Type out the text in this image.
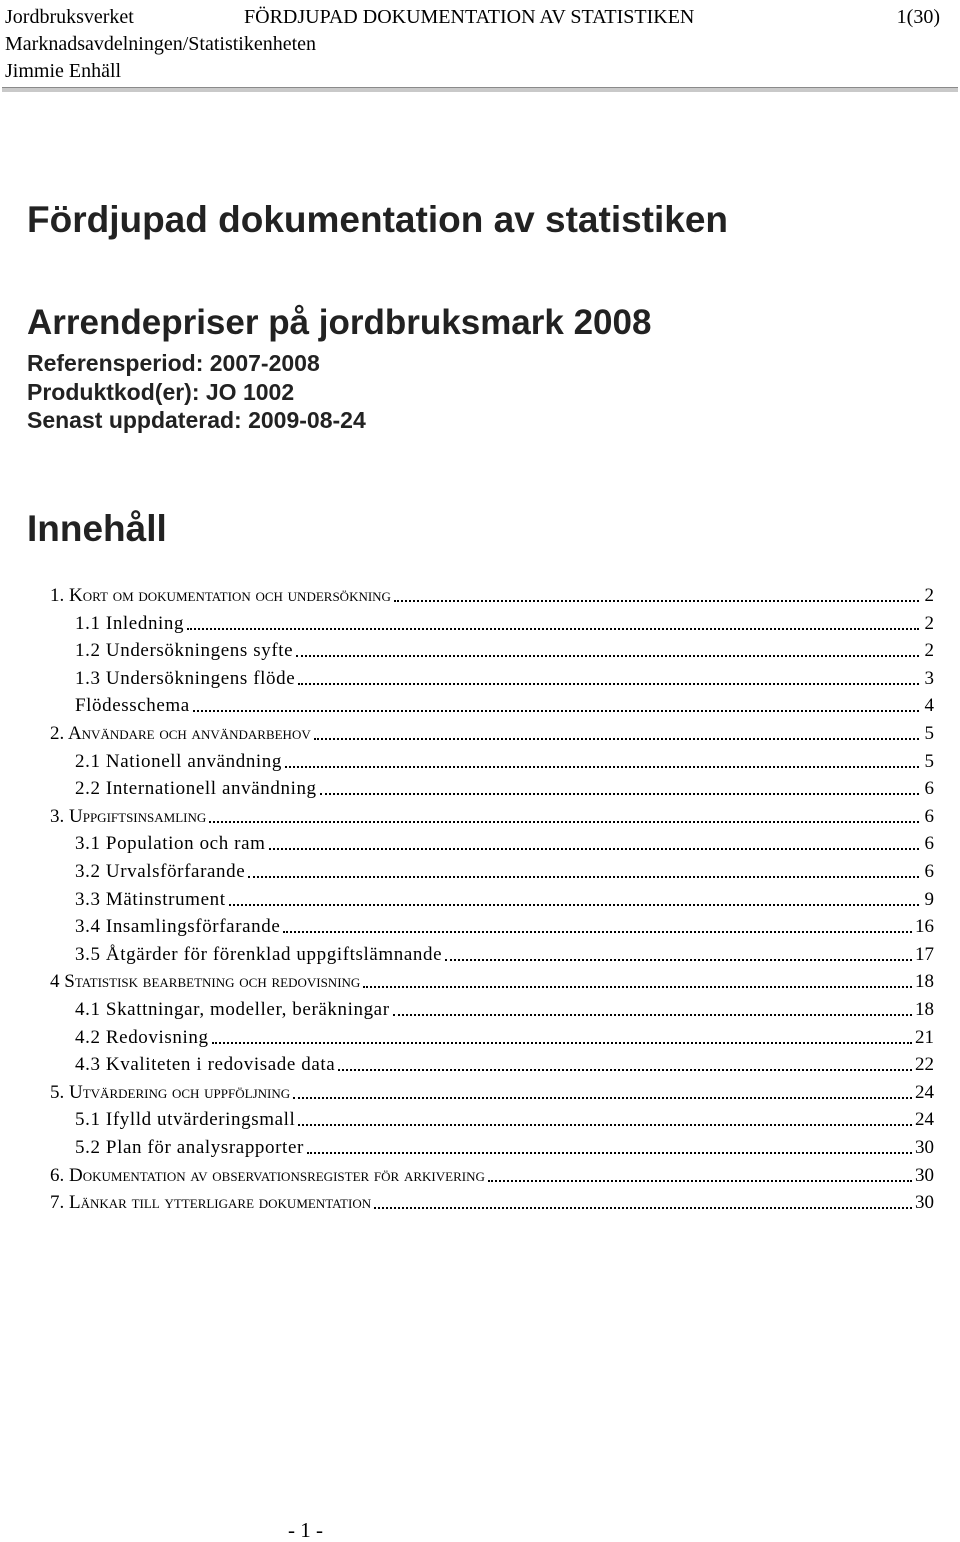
Jordbruksverket	FÖRDJUPAD DOKUMENTATION AV STATISTIKEN	1(30)
Marknadsavdelningen/Statistikenheten
Jimmie Enhäll
Fördjupad dokumentation av statistiken
Arrendepriser på jordbruksmark 2008
Referensperiod: 2007-2008
Produktkod(er): JO 1002
Senast uppdaterad: 2009-08-24
Innehåll
1. Kort om dokumentation och undersökning	2
1.1 Inledning	2
1.2 Undersökningens syfte	2
1.3 Undersökningens flöde	3
Flödesschema	4
2. Användare och användarbehov	5
2.1 Nationell användning	5
2.2 Internationell användning	6
3. Uppgiftsinsamling	6
3.1 Population och ram	6
3.2 Urvalsförfarande	6
3.3 Mätinstrument	9
3.4 Insamlingsförfarande	16
3.5 Åtgärder för förenklad uppgiftslämnande	17
4 Statistisk bearbetning och redovisning	18
4.1 Skattningar, modeller, beräkningar	18
4.2 Redovisning	21
4.3 Kvaliteten i redovisade data	22
5. Utvärdering och uppföljning	24
5.1 Ifylld utvärderingsmall	24
5.2 Plan för analysrapporter	30
6. Dokumentation av observationsregister för arkivering	30
7. Länkar till ytterligare dokumentation	30
- 1 -
